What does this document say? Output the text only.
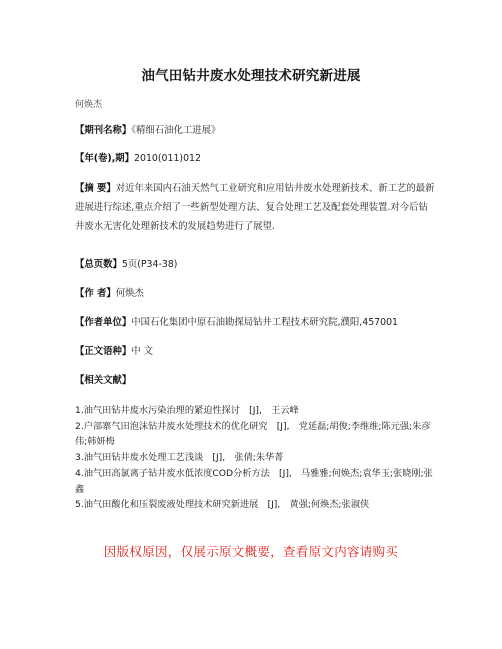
油气田钻井废水处理技术研究新进展
何焕杰
【期刊名称】《精细石油化工进展》
【年(卷),期】2010(011)012
【摘 要】对近年来国内石油天然气工业研究和应用钻井废水处理新技术、新工艺的最新进展进行综述,重点介绍了一些新型处理方法、复合处理工艺及配套处理装置.对今后钻井废水无害化处理新技术的发展趋势进行了展望.
【总页数】5页(P34-38)
【作 者】何焕杰
【作者单位】中国石化集团中原石油勘探局钻井工程技术研究院,濮阳,457001
【正文语种】中 文
【相关文献】
1.油气田钻井废水污染治理的紧迫性探讨　[J],　王云峰
2.户部寨气田泡沫钻井废水处理技术的优化研究　[J],　党延磊;胡俊;李维维;陈元强;朱彦伟;韩妍梅
3.油气田钻井废水处理工艺浅谈　[J],　张倩;朱华菁
4.油气田高氯离子钻井废水低浓度COD分析方法　[J],　马雅雅;何焕杰;袁华玉;张晓刚;张鑫
5.油气田酸化和压裂废液处理技术研究新进展　[J],　黄强;何焕杰;张淑侠
因版权原因，仅展示原文概要，查看原文内容请购买
